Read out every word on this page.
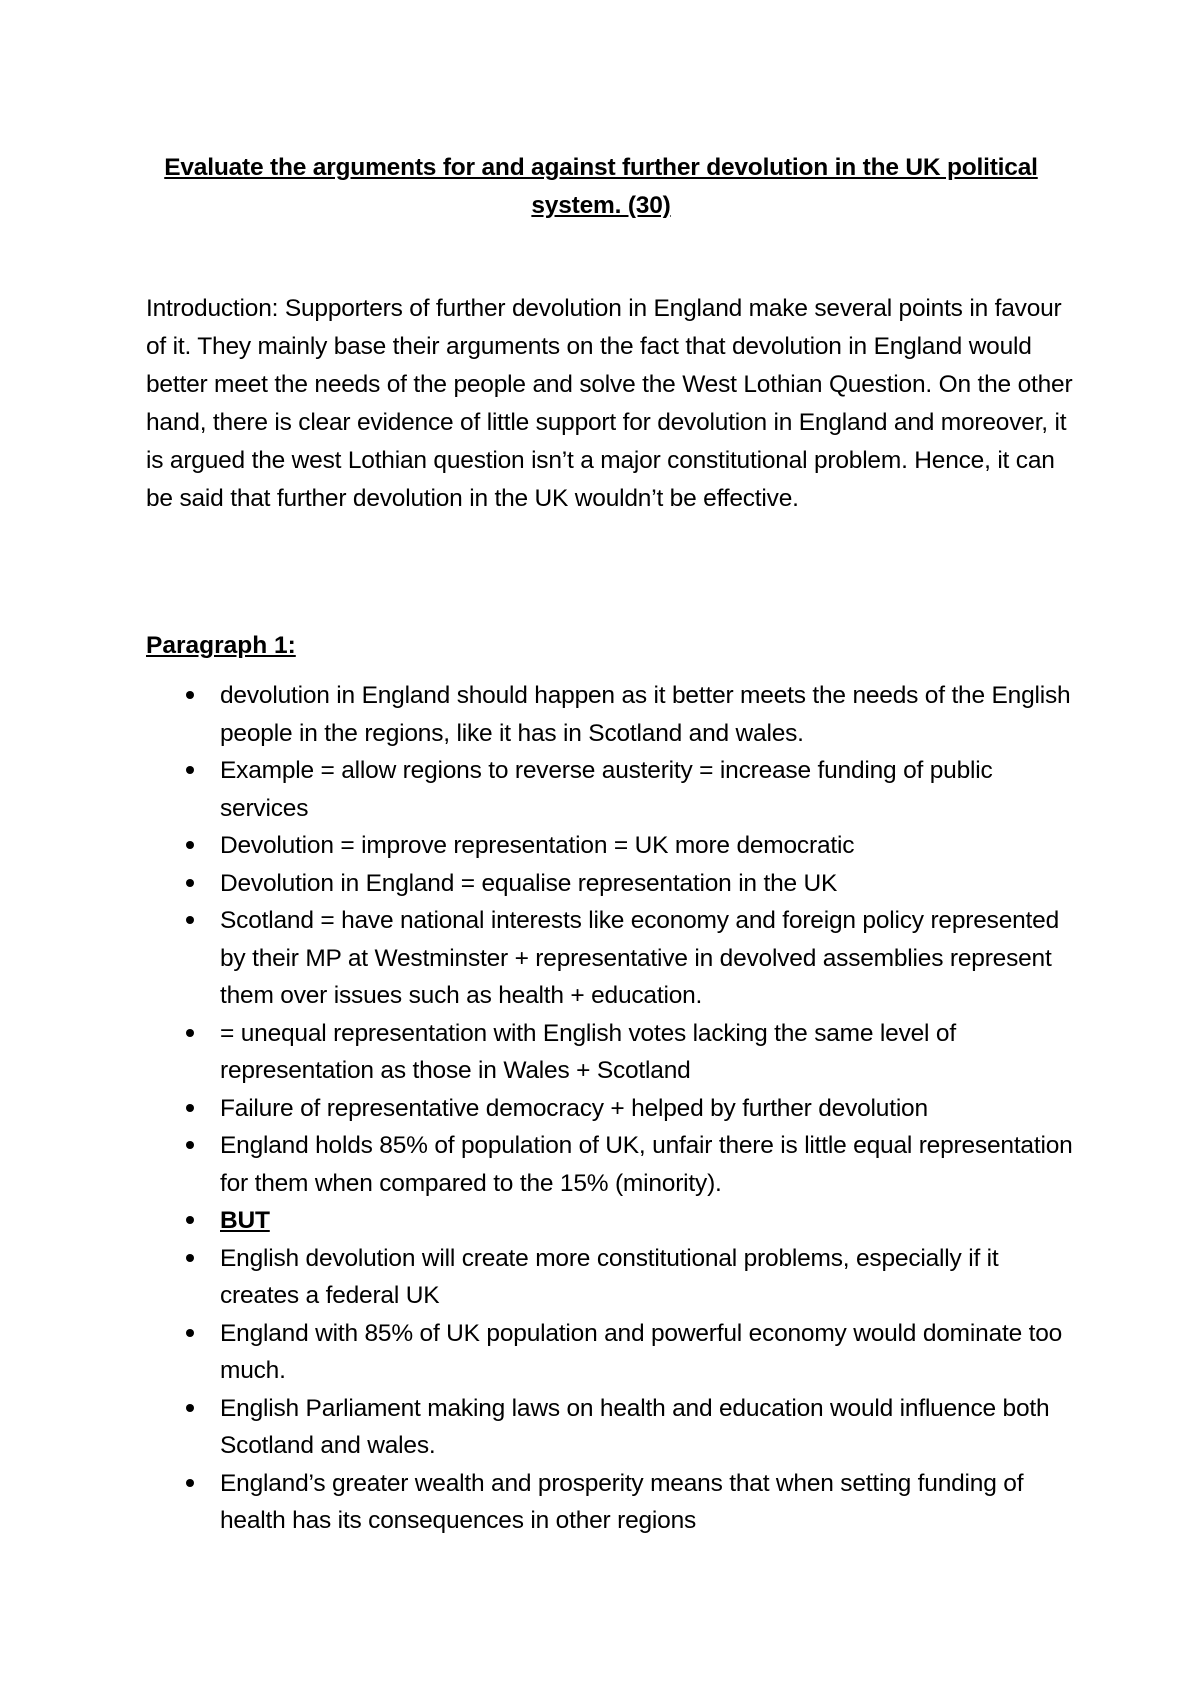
Evaluate the arguments for and against further devolution in the UK political system. (30)
Introduction: Supporters of further devolution in England make several points in favour of it. They mainly base their arguments on the fact that devolution in England would better meet the needs of the people and solve the West Lothian Question. On the other hand, there is clear evidence of little support for devolution in England and moreover, it is argued the west Lothian question isn’t a major constitutional problem. Hence, it can be said that further devolution in the UK wouldn’t be effective.
Paragraph 1:
devolution in England should happen as it better meets the needs of the English people in the regions, like it has in Scotland and wales.
Example = allow regions to reverse austerity = increase funding of public services
Devolution = improve representation = UK more democratic
Devolution in England = equalise representation in the UK
Scotland = have national interests like economy and foreign policy represented by their MP at Westminster + representative in devolved assemblies represent them over issues such as health + education.
= unequal representation with English votes lacking the same level of representation as those in Wales + Scotland
Failure of representative democracy + helped by further devolution
England holds 85% of population of UK, unfair there is little equal representation for them when compared to the 15% (minority).
BUT
English devolution will create more constitutional problems, especially if it creates a federal UK
England with 85% of UK population and powerful economy would dominate too much.
English Parliament making laws on health and education would influence both Scotland and wales.
England’s greater wealth and prosperity means that when setting funding of health has its consequences in other regions
